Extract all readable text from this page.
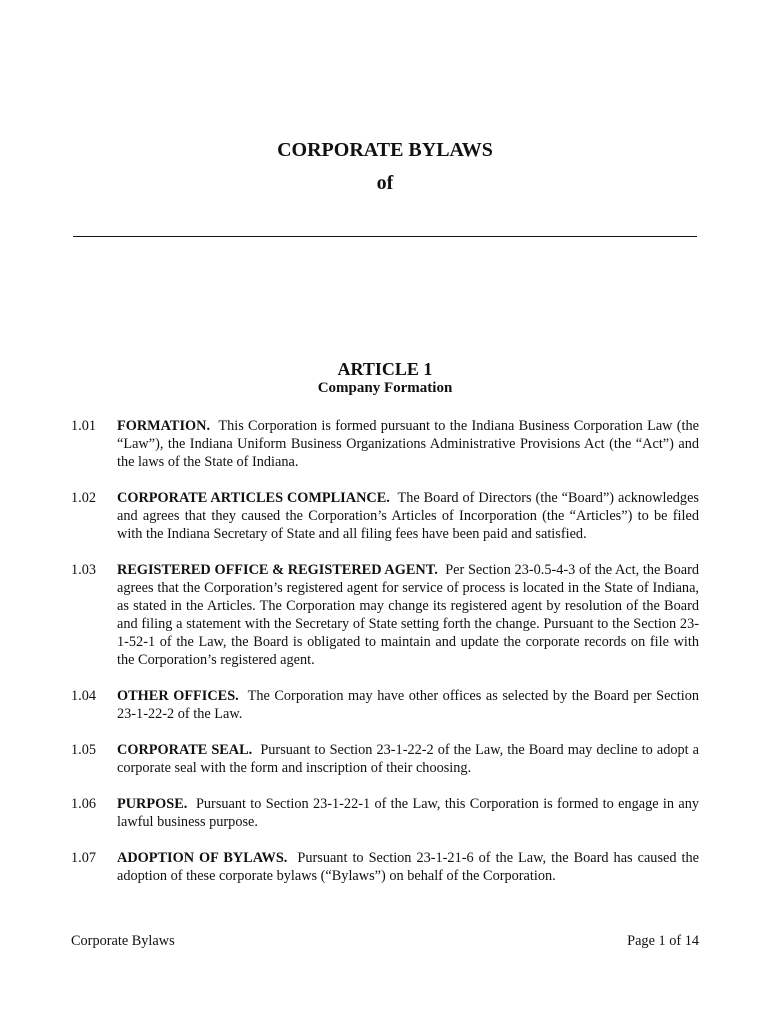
CORPORATE BYLAWS
of
ARTICLE 1
Company Formation
1.01	FORMATION. This Corporation is formed pursuant to the Indiana Business Corporation Law (the “Law”), the Indiana Uniform Business Organizations Administrative Provisions Act (the “Act”) and the laws of the State of Indiana.
1.02	CORPORATE ARTICLES COMPLIANCE. The Board of Directors (the “Board”) acknowledges and agrees that they caused the Corporation’s Articles of Incorporation (the “Articles”) to be filed with the Indiana Secretary of State and all filing fees have been paid and satisfied.
1.03	REGISTERED OFFICE & REGISTERED AGENT. Per Section 23-0.5-4-3 of the Act, the Board agrees that the Corporation’s registered agent for service of process is located in the State of Indiana, as stated in the Articles. The Corporation may change its registered agent by resolution of the Board and filing a statement with the Secretary of State setting forth the change. Pursuant to the Section 23-1-52-1 of the Law, the Board is obligated to maintain and update the corporate records on file with the Corporation’s registered agent.
1.04	OTHER OFFICES. The Corporation may have other offices as selected by the Board per Section 23-1-22-2 of the Law.
1.05	CORPORATE SEAL. Pursuant to Section 23-1-22-2 of the Law, the Board may decline to adopt a corporate seal with the form and inscription of their choosing.
1.06	PURPOSE. Pursuant to Section 23-1-22-1 of the Law, this Corporation is formed to engage in any lawful business purpose.
1.07	ADOPTION OF BYLAWS. Pursuant to Section 23-1-21-6 of the Law, the Board has caused the adoption of these corporate bylaws (“Bylaws”) on behalf of the Corporation.
Corporate Bylaws	Page 1 of 14
